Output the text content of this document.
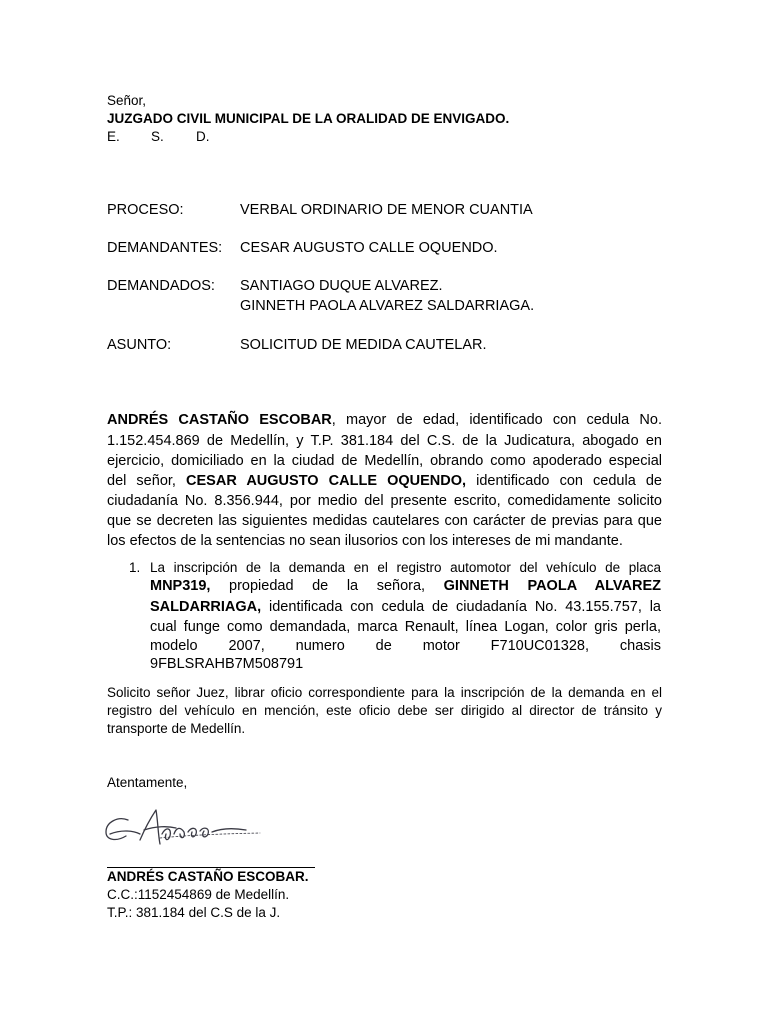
Señor,
JUZGADO CIVIL MUNICIPAL DE LA ORALIDAD DE ENVIGADO.
E. S. D.
PROCESO:	VERBAL ORDINARIO DE MENOR CUANTIA
DEMANDANTES: CESAR AUGUSTO CALLE OQUENDO.
DEMANDADOS: SANTIAGO DUQUE ALVAREZ.
GINNETH PAOLA ALVAREZ SALDARRIAGA.
ASUNTO:	SOLICITUD DE MEDIDA CAUTELAR.
ANDRÉS CASTAÑO ESCOBAR, mayor de edad, identificado con cedula No.
1.152.454.869 de Medellín, y T.P. 381.184 del C.S. de la Judicatura, abogado en
ejercicio, domiciliado en la ciudad de Medellín, obrando como apoderado especial
del señor, CESAR AUGUSTO CALLE OQUENDO, identificado con cedula de
ciudadanía No. 8.356.944, por medio del presente escrito, comedidamente solicito
que se decreten las siguientes medidas cautelares con carácter de previas para que
los efectos de la sentencias no sean ilusorios con los intereses de mi mandante.
1. La inscripción de la demanda en el registro automotor del vehículo de placa
MNP319, propiedad de la señora, GINNETH PAOLA ALVAREZ
SALDARRIAGA, identificada con cedula de ciudadanía No. 43.155.757, la
cual funge como demandada, marca Renault, línea Logan, color gris perla,
modelo 2007, numero de motor F710UC01328, chasis
9FBLSRAHB7M508791
Solicito señor Juez, librar oficio correspondiente para la inscripción de la demanda en el
registro del vehículo en mención, este oficio debe ser dirigido al director de tránsito y
transporte de Medellín.
Atentamente,
ANDRÉS CASTAÑO ESCOBAR.
C.C.:1152454869 de Medellín.
T.P.: 381.184 del C.S de la J.
